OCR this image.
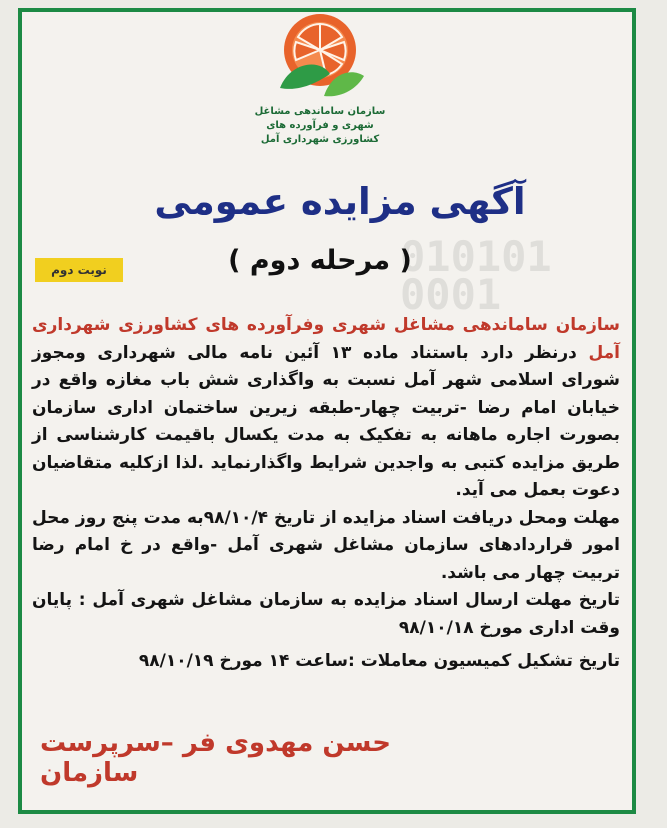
سازمان ساماندهی مشاغل
شهری و فرآورده های
کشاورزی شهرداری آمل
010101
0001
آگهی مزایده عمومی
( مرحله دوم )
نوبت دوم
سازمان ساماندهی مشاغل شهری وفرآورده های کشاورزی شهرداری آمل درنظر دارد باستناد ماده ۱۳ آئین نامه مالی شهرداری ومجوز شورای اسلامی شهر آمل نسبت به واگذاری شش باب مغازه واقع در خیابان امام رضا -تربیت چهار-طبقه زیرین ساختمان اداری سازمان بصورت اجاره ماهانه به تفکیک به مدت یکسال باقیمت کارشناسی از طریق مزایده کتبی به واجدین شرایط واگذارنماید .لذا ازکلیه متقاضیان دعوت بعمل می آید.
مهلت ومحل دریافت اسناد مزایده از تاریخ ۹۸/۱۰/۴به مدت پنج روز محل امور قراردادهای سازمان مشاغل شهری آمل -واقع در خ امام رضا تربیت چهار می باشد.
تاریخ مهلت ارسال اسناد مزایده به سازمان مشاغل شهری آمل : پایان وقت اداری مورخ ۹۸/۱۰/۱۸
تاریخ تشکیل کمیسیون معاملات :ساعت ۱۴ مورخ ۹۸/۱۰/۱۹
حسن مهدوی فر –سرپرست سازمان
